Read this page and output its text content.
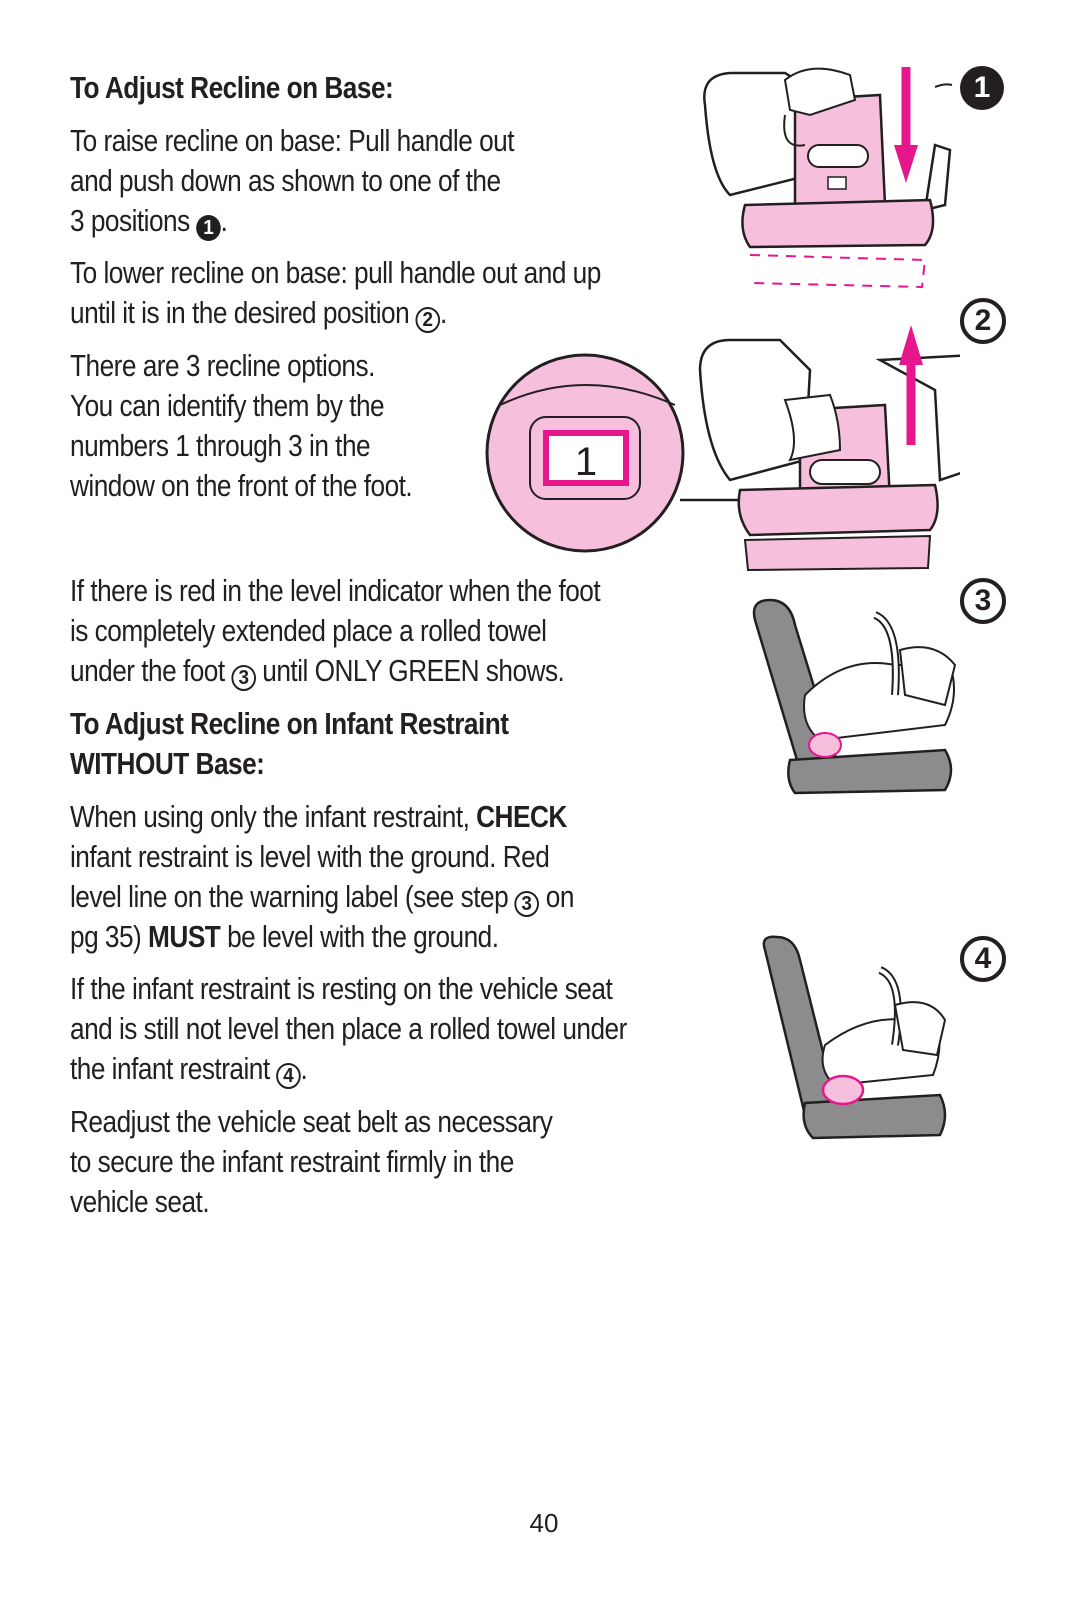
To Adjust Recline on Base:
To raise recline on base: Pull handle out
and push down as shown to one of the
3 positions 1 .
To lower recline on base: pull handle out and up
until it is in the desired position 2 .
There are 3 recline options.
You can identify them by the
numbers 1 through 3 in the
window on the front of the foot.
If there is red in the level indicator when the foot
is completely extended place a rolled towel
under the foot 3 until ONLY GREEN shows.
To Adjust Recline on Infant Restraint
WITHOUT Base:
When using only the infant restraint, CHECK
infant restraint is level with the ground. Red
level line on the warning label (see step 3 on
pg 35) MUST be level with the ground.
If the infant restraint is resting on the vehicle seat
and is still not level then place a rolled towel under
the infant restraint 4 .
Readjust the vehicle seat belt as necessary
to secure the infant restraint firmly in the
vehicle seat.
1
2
3
4
1
40
